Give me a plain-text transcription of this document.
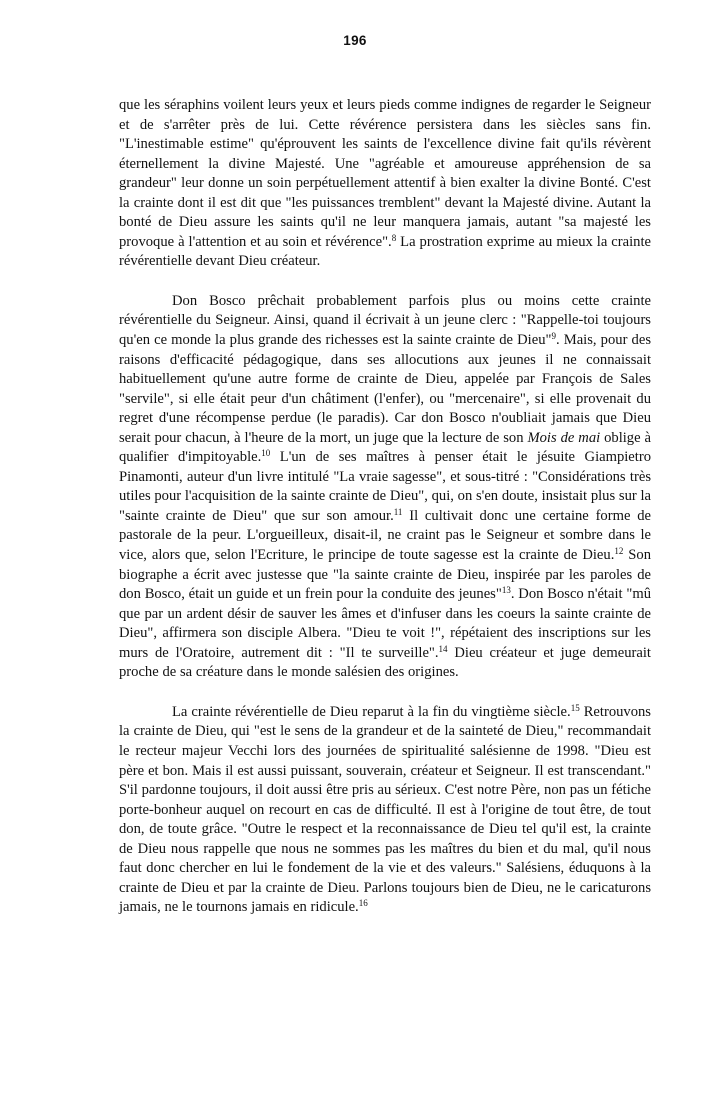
196

que les séraphins voilent leurs yeux et leurs pieds comme indignes de regarder le Seigneur et de s'arrêter près de lui. Cette révérence persistera dans les siècles sans fin. "L'inestimable estime" qu'éprouvent les saints de l'excellence divine fait qu'ils révèrent éternellement la divine Majesté. Une "agréable et amoureuse appréhension de sa grandeur" leur donne un soin perpétuellement attentif à bien exalter la divine Bonté. C'est la crainte dont il est dit que "les puissances tremblent" devant la Majesté divine. Autant la bonté de Dieu assure les saints qu'il ne leur manquera jamais, autant "sa majesté les provoque à l'attention et au soin et révérence".$^8$ La prostration exprime au mieux la crainte révérentielle devant Dieu créateur.

Don Bosco prêchait probablement parfois plus ou moins cette crainte révérentielle du Seigneur. Ainsi, quand il écrivait à un jeune clerc : "Rappelle-toi toujours qu'en ce monde la plus grande des richesses est la sainte crainte de Dieu"$^9$. Mais, pour des raisons d'efficacité pédagogique, dans ses allocutions aux jeunes il ne connaissait habituellement qu'une autre forme de crainte de Dieu, appelée par François de Sales "servile", si elle était peur d'un châtiment (l'enfer), ou "mercenaire", si elle provenait du regret d'une récompense perdue (le paradis). Car don Bosco n'oubliait jamais que Dieu serait pour chacun, à l'heure de la mort, un juge que la lecture de son Mois de mai oblige à qualifier d'impitoyable.$^{10}$ L'un de ses maîtres à penser était le jésuite Giampietro Pinamonti, auteur d'un livre intitulé "La vraie sagesse", et sous-titré : "Considérations très utiles pour l'acquisition de la sainte crainte de Dieu", qui, on s'en doute, insistait plus sur la "sainte crainte de Dieu" que sur son amour.$^{11}$ Il cultivait donc une certaine forme de pastorale de la peur. L'orgueilleux, disait-il, ne craint pas le Seigneur et sombre dans le vice, alors que, selon l'Ecriture, le principe de toute sagesse est la crainte de Dieu.$^{12}$ Son biographe a écrit avec justesse que "la sainte crainte de Dieu, inspirée par les paroles de don Bosco, était un guide et un frein pour la conduite des jeunes"$^{13}$. Don Bosco n'était "mû que par un ardent désir de sauver les âmes et d'infuser dans les coeurs la sainte crainte de Dieu", affirmera son disciple Albera. "Dieu te voit !", répétaient des inscriptions sur les murs de l'Oratoire, autrement dit : "Il te surveille".$^{14}$ Dieu créateur et juge demeurait proche de sa créature dans le monde salésien des origines.

La crainte révérentielle de Dieu reparut à la fin du vingtième siècle.$^{15}$ Retrouvons la crainte de Dieu, qui "est le sens de la grandeur et de la sainteté de Dieu," recommandait le recteur majeur Vecchi lors des journées de spiritualité salésienne de 1998. "Dieu est père et bon. Mais il est aussi puissant, souverain, créateur et Seigneur. Il est transcendant." S'il pardonne toujours, il doit aussi être pris au sérieux. C'est notre Père, non pas un fétiche porte-bonheur auquel on recourt en cas de difficulté. Il est à l'origine de tout être, de tout don, de toute grâce. "Outre le respect et la reconnaissance de Dieu tel qu'il est, la crainte de Dieu nous rappelle que nous ne sommes pas les maîtres du bien et du mal, qu'il nous faut donc chercher en lui le fondement de la vie et des valeurs." Salésiens, éduquons à la crainte de Dieu et par la crainte de Dieu. Parlons toujours bien de Dieu, ne le caricaturons jamais, ne le tournons jamais en ridicule.$^{16}$
